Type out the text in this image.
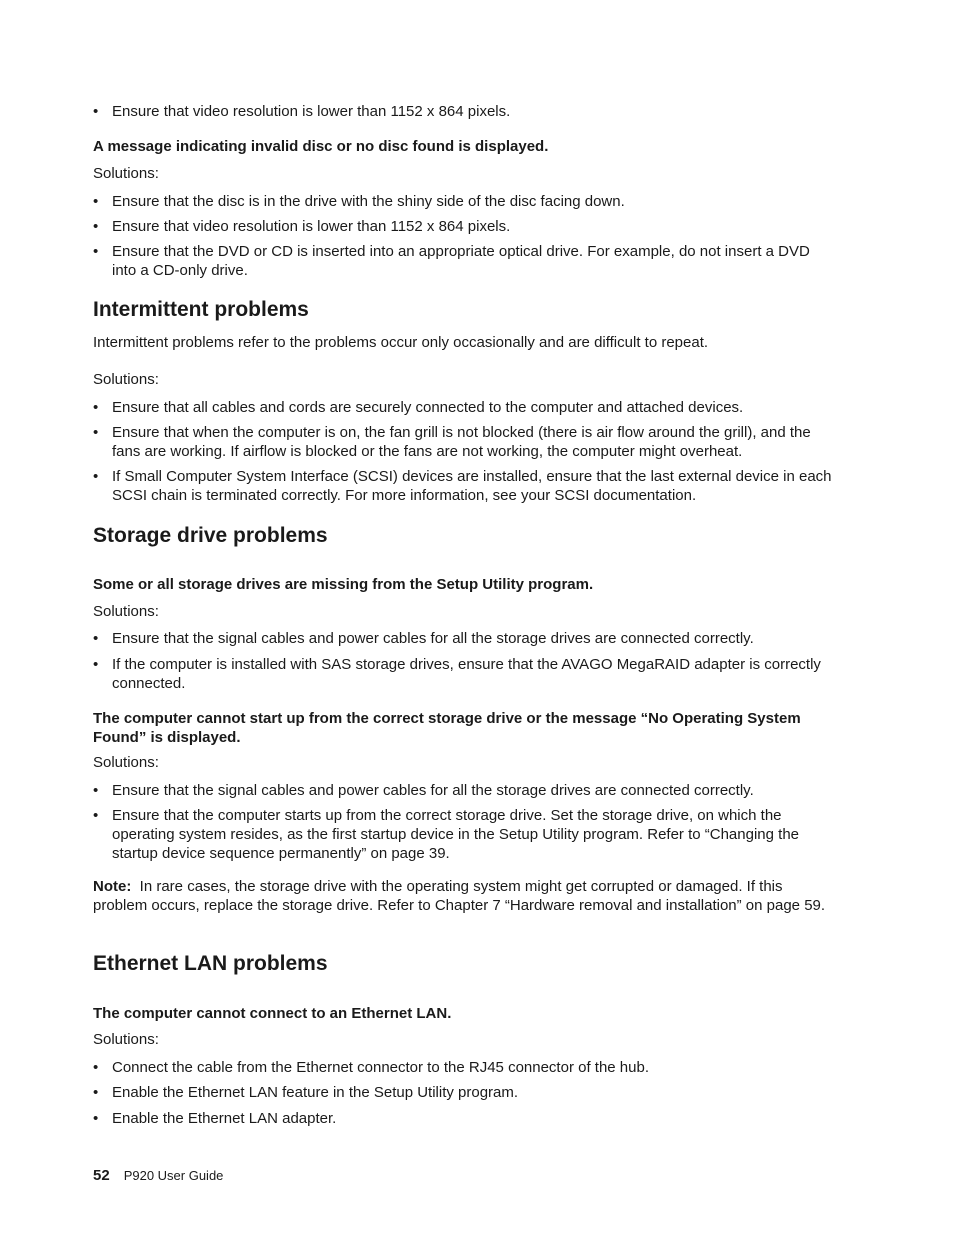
• Ensure that video resolution is lower than 1152 x 864 pixels.

A message indicating invalid disc or no disc found is displayed.

Solutions:

• Ensure that the disc is in the drive with the shiny side of the disc facing down.
• Ensure that video resolution is lower than 1152 x 864 pixels.
• Ensure that the DVD or CD is inserted into an appropriate optical drive. For example, do not insert a DVD into a CD-only drive.
Intermittent problems

Intermittent problems refer to the problems occur only occasionally and are difficult to repeat.

Solutions:

• Ensure that all cables and cords are securely connected to the computer and attached devices.
• Ensure that when the computer is on, the fan grill is not blocked (there is air flow around the grill), and the fans are working. If airflow is blocked or the fans are not working, the computer might overheat.
• If Small Computer System Interface (SCSI) devices are installed, ensure that the last external device in each SCSI chain is terminated correctly. For more information, see your SCSI documentation.
Storage drive problems

Some or all storage drives are missing from the Setup Utility program.

Solutions:

• Ensure that the signal cables and power cables for all the storage drives are connected correctly.
• If the computer is installed with SAS storage drives, ensure that the AVAGO MegaRAID adapter is correctly connected.

The computer cannot start up from the correct storage drive or the message “No Operating System Found” is displayed.

Solutions:

• Ensure that the signal cables and power cables for all the storage drives are connected correctly.
• Ensure that the computer starts up from the correct storage drive. Set the storage drive, on which the operating system resides, as the first startup device in the Setup Utility program. Refer to “Changing the startup device sequence permanently” on page 39.

Note: In rare cases, the storage drive with the operating system might get corrupted or damaged. If this problem occurs, replace the storage drive. Refer to Chapter 7 “Hardware removal and installation” on page 59.

Ethernet LAN problems

The computer cannot connect to an Ethernet LAN.

Solutions:

• Connect the cable from the Ethernet connector to the RJ45 connector of the hub.
• Enable the Ethernet LAN feature in the Setup Utility program.
• Enable the Ethernet LAN adapter.
52 P920 User Guide
